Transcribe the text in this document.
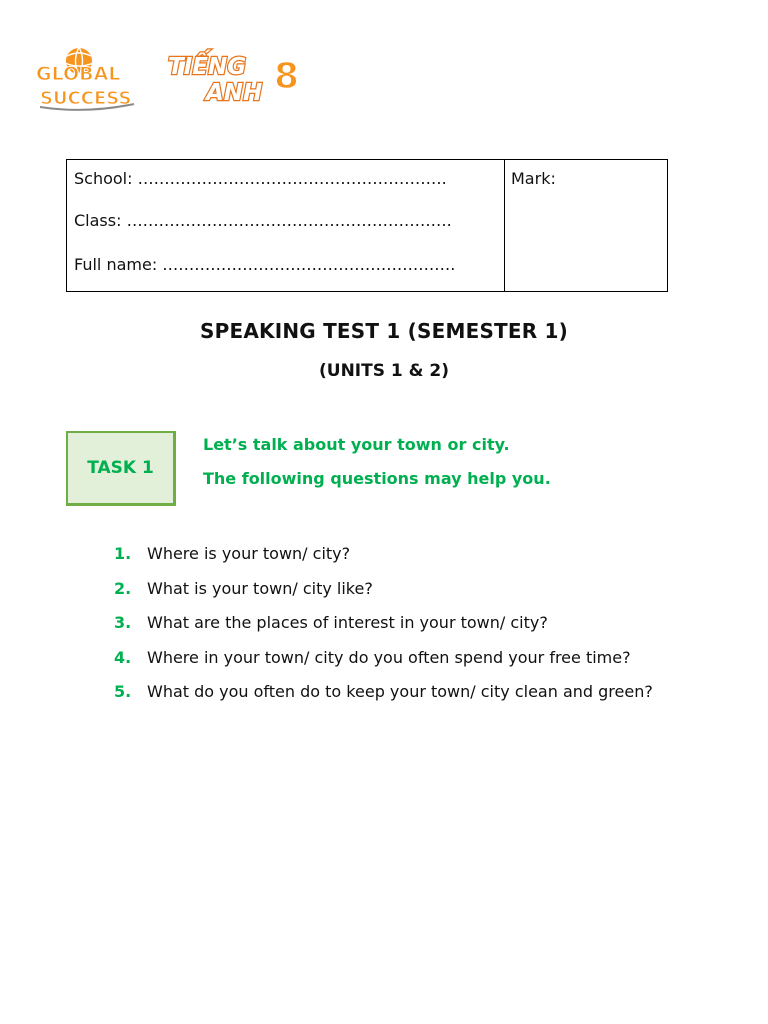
GLOBAL
SUCCESS
TIẾNG
ANH 8
School: ………………………………………………….
Class: …………………………………………………….
Full name: ……………………………………………….
Mark:
SPEAKING TEST 1 (SEMESTER 1)
(UNITS 1 & 2)
TASK 1
Let’s talk about your town or city.
The following questions may help you.
1. Where is your town/ city?
2. What is your town/ city like?
3. What are the places of interest in your town/ city?
4. Where in your town/ city do you often spend your free time?
5. What do you often do to keep your town/ city clean and green?
